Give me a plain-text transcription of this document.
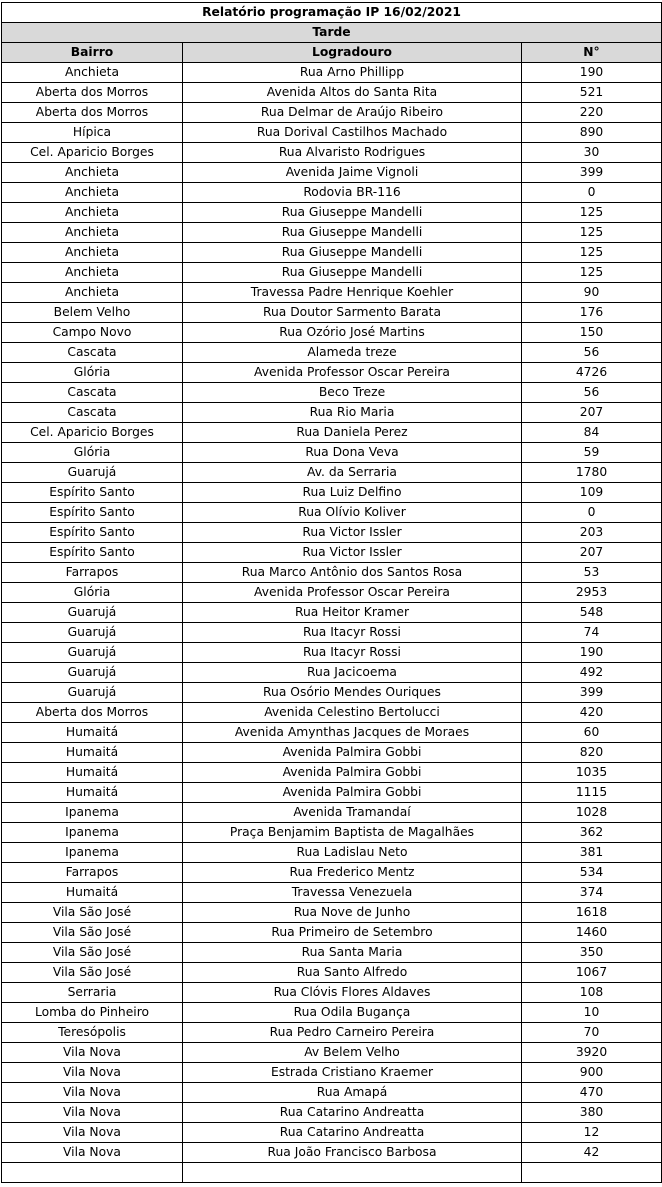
Relatório programação IP 16/02/2021		
Tarde		
Bairro	Logradouro	N°
Anchieta	Rua Arno Phillipp	190
Aberta dos Morros	Avenida Altos do Santa Rita	521
Aberta dos Morros	Rua Delmar de Araújo Ribeiro	220
Hípica	Rua Dorival Castilhos Machado	890
Cel. Aparicio Borges	Rua Alvaristo Rodrigues	30
Anchieta	Avenida Jaime Vignoli	399
Anchieta	Rodovia BR-116	0
Anchieta	Rua Giuseppe Mandelli	125
Anchieta	Rua Giuseppe Mandelli	125
Anchieta	Rua Giuseppe Mandelli	125
Anchieta	Rua Giuseppe Mandelli	125
Anchieta	Travessa Padre Henrique Koehler	90
Belem Velho	Rua Doutor Sarmento Barata	176
Campo Novo	Rua Ozório José Martins	150
Cascata	Alameda treze	56
Glória	Avenida Professor Oscar Pereira	4726
Cascata	Beco Treze	56
Cascata	Rua Rio Maria	207
Cel. Aparicio Borges	Rua Daniela Perez	84
Glória	Rua Dona Veva	59
Guarujá	Av. da Serraria	1780
Espírito Santo	Rua Luiz Delfino	109
Espírito Santo	Rua Olívio Koliver	0
Espírito Santo	Rua Victor Issler	203
Espírito Santo	Rua Victor Issler	207
Farrapos	Rua Marco Antônio dos Santos Rosa	53
Glória	Avenida Professor Oscar Pereira	2953
Guarujá	Rua Heitor Kramer	548
Guarujá	Rua Itacyr Rossi	74
Guarujá	Rua Itacyr Rossi	190
Guarujá	Rua Jacicoema	492
Guarujá	Rua Osório Mendes Ouriques	399
Aberta dos Morros	Avenida Celestino Bertolucci	420
Humaitá	Avenida Amynthas Jacques de Moraes	60
Humaitá	Avenida Palmira Gobbi	820
Humaitá	Avenida Palmira Gobbi	1035
Humaitá	Avenida Palmira Gobbi	1115
Ipanema	Avenida Tramandaí	1028
Ipanema	Praça Benjamim Baptista de Magalhães	362
Ipanema	Rua Ladislau Neto	381
Farrapos	Rua Frederico Mentz	534
Humaitá	Travessa Venezuela	374
Vila São José	Rua Nove de Junho	1618
Vila São José	Rua Primeiro de Setembro	1460
Vila São José	Rua Santa Maria	350
Vila São José	Rua Santo Alfredo	1067
Serraria	Rua Clóvis Flores Aldaves	108
Lomba do Pinheiro	Rua Odila Bugança	10
Teresópolis	Rua Pedro Carneiro Pereira	70
Vila Nova	Av Belem Velho	3920
Vila Nova	Estrada Cristiano Kraemer	900
Vila Nova	Rua Amapá	470
Vila Nova	Rua Catarino Andreatta	380
Vila Nova	Rua Catarino Andreatta	12
Vila Nova	Rua João Francisco Barbosa	42
